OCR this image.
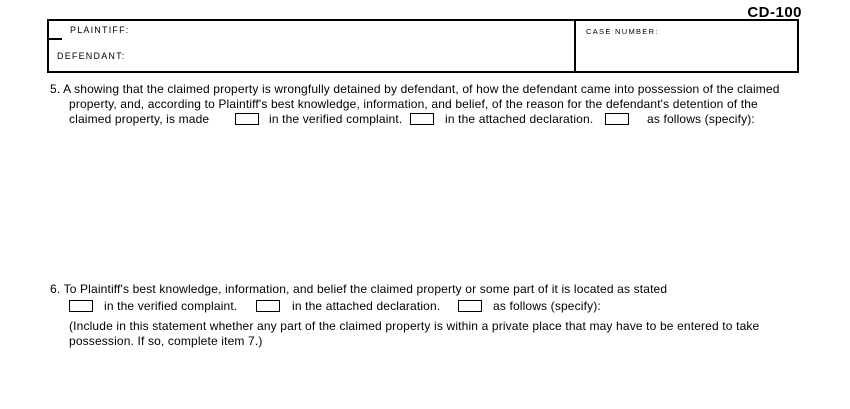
CD-100
PLAINTIFF:
DEFENDANT:
CASE NUMBER:
5. A showing that the claimed property is wrongfully detained by defendant, of how the defendant came into possession of the claimed
property, and, according to Plaintiff's best knowledge, information, and belief, of the reason for the defendant's detention of the
claimed property, is made	in the verified complaint.	in the attached declaration.	as follows (specify):
6. To Plaintiff's best knowledge, information, and belief the claimed property or some part of it is located as stated
in the verified complaint.	in the attached declaration.	as follows (specify):
(Include in this statement whether any part of the claimed property is within a private place that may have to be entered to take
possession. If so, complete item 7.)
